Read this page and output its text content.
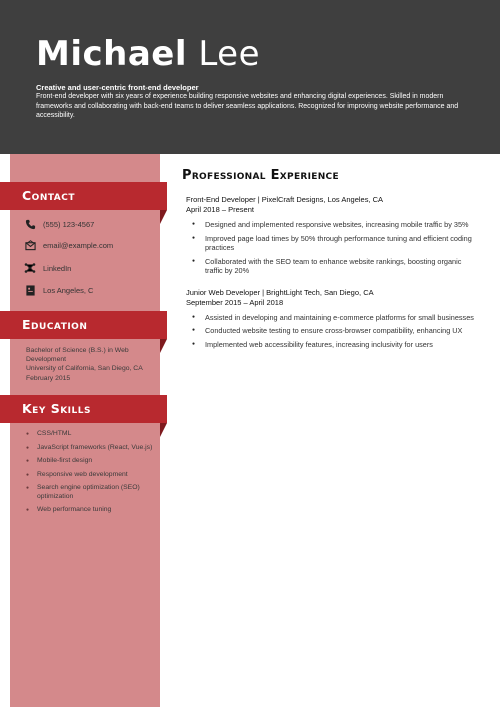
Michael Lee
Creative and user-centric front-end developer
Front-end developer with six years of experience building responsive websites and enhancing digital experiences. Skilled in modern frameworks and collaborating with back-end teams to deliver seamless applications. Recognized for improving website performance and accessibility.
Contact
(555) 123-4567
email@example.com
LinkedIn
Los Angeles, C
Education
Bachelor of Science (B.S.) in Web Development
University of California, San Diego, CA
February 2015
Key Skills
● CSS/HTML
● JavaScript frameworks (React, Vue.js)
● Mobile-first design
● Responsive web development
● Search engine optimization (SEO) optimization
● Web performance tuning
Professional Experience
Front-End Developer | PixelCraft Designs, Los Angeles, CA
April 2018 – Present
● Designed and implemented responsive websites, increasing mobile traffic by 35%
● Improved page load times by 50% through performance tuning and efficient coding practices
● Collaborated with the SEO team to enhance website rankings, boosting organic traffic by 20%
Junior Web Developer | BrightLight Tech, San Diego, CA
September 2015 – April 2018
● Assisted in developing and maintaining e-commerce platforms for small businesses
● Conducted website testing to ensure cross-browser compatibility, enhancing UX
● Implemented web accessibility features, increasing inclusivity for users
